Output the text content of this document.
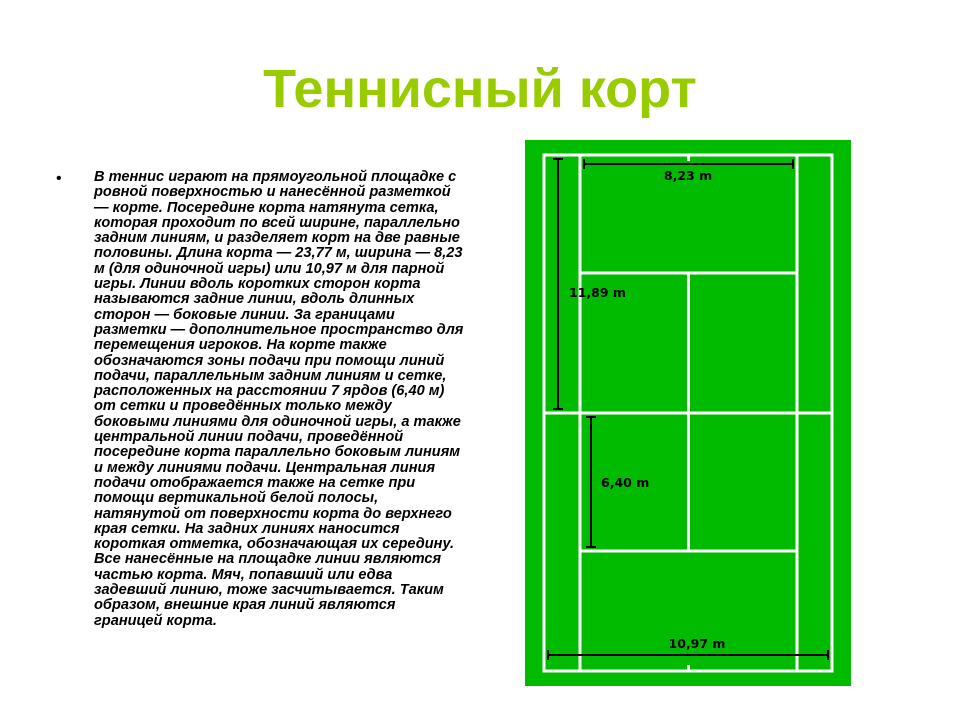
Теннисный корт
• В теннис играют на прямоугольной площадке с ровной поверхностью и нанесённой разметкой — корте. Посередине корта натянута сетка, которая проходит по всей ширине, параллельно задним линиям, и разделяет корт на две равные половины. Длина корта — 23,77 м, ширина — 8,23 м (для одиночной игры) или 10,97 м для парной игры. Линии вдоль коротких сторон корта называются задние линии, вдоль длинных сторон — боковые линии. За границами разметки — дополнительное пространство для перемещения игроков. На корте также обозначаются зоны подачи при помощи линий подачи, параллельным задним линиям и сетке, расположенных на расстоянии 7 ярдов (6,40 м) от сетки и проведённых только между боковыми линиями для одиночной игры, а также центральной линии подачи, проведённой посередине корта параллельно боковым линиям и между линиями подачи. Центральная линия подачи отображается также на сетке при помощи вертикальной белой полосы, натянутой от поверхности корта до верхнего края сетки. На задних линиях наносится короткая отметка, обозначающая их середину. Все нанесённые на площадке линии являются частью корта. Мяч, попавший или едва задевший линию, тоже засчитывается. Таким образом, внешние края линий являются границей корта.

8,23 m
11,89 m
6,40 m
10,97 m
